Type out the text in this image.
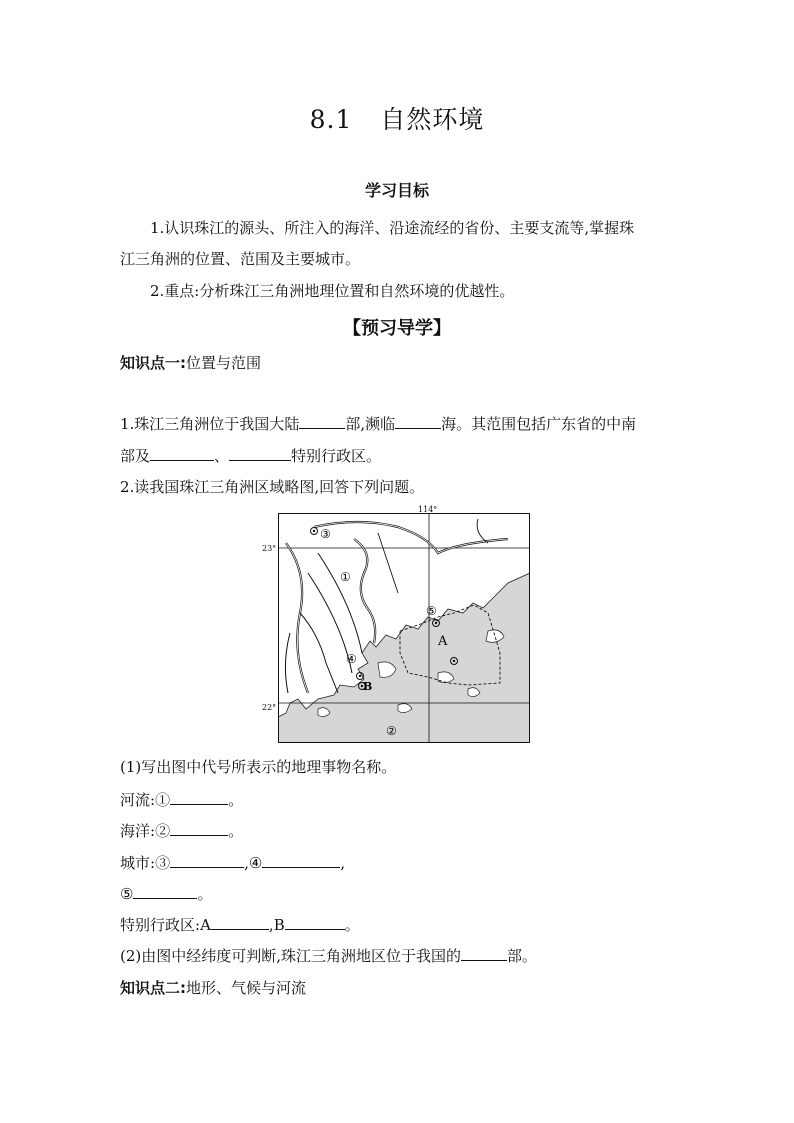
8.1 自然环境
学习目标
1.认识珠江的源头、所注入的海洋、沿途流经的省份、主要支流等,掌握珠
江三角洲的位置、范围及主要城市。
2.重点:分析珠江三角洲地理位置和自然环境的优越性。
【预习导学】
知识点一:位置与范围
1.珠江三角洲位于我国大陆	部,濒临	海。其范围包括广东省的中南
部及	、	特别行政区。
2.读我国珠江三角洲区域略图,回答下列问题。
③
①
⑤
④
②
A
B
114°
23°
22°
(1)写出图中代号所表示的地理事物名称。
河流:①	。
海洋:②	。
城市:③	,④	,
⑤	。
特别行政区:A	,B	。
(2)由图中经纬度可判断,珠江三角洲地区位于我国的	部。
知识点二:地形、气候与河流
